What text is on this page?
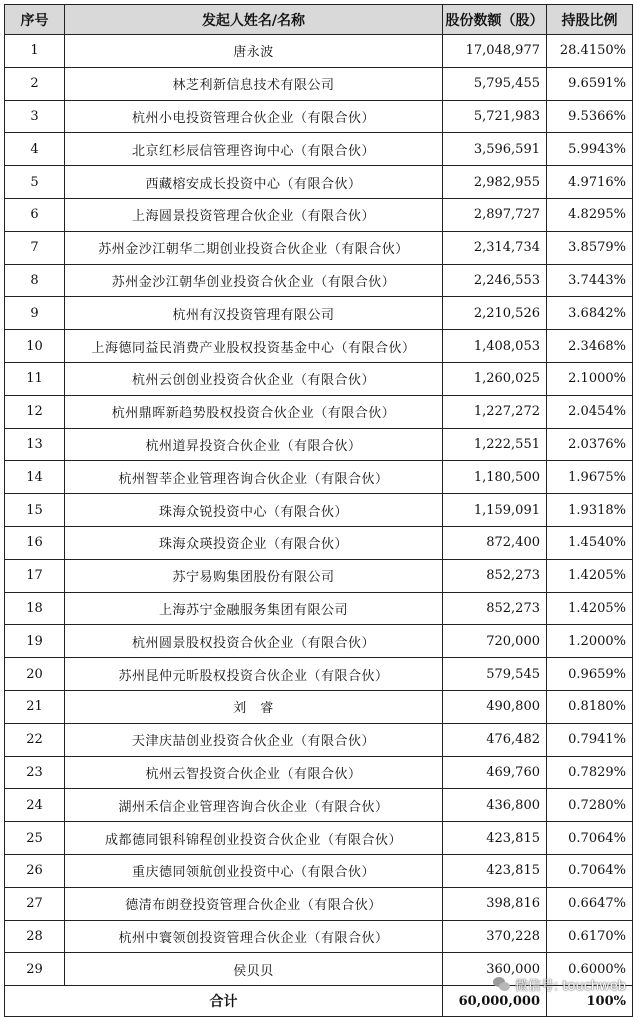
序号	发起人姓名/名称	股份数额（股）	持股比例
1	唐永波	17,048,977	28.4150%
2	林芝利新信息技术有限公司	5,795,455	9.6591%
3	杭州小电投资管理合伙企业（有限合伙）	5,721,983	9.5366%
4	北京红杉辰信管理咨询中心（有限合伙）	3,596,591	5.9943%
5	西藏榕安成长投资中心（有限合伙）	2,982,955	4.9716%
6	上海圆景投资管理合伙企业（有限合伙）	2,897,727	4.8295%
7	苏州金沙江朝华二期创业投资合伙企业（有限合伙）	2,314,734	3.8579%
8	苏州金沙江朝华创业投资合伙企业（有限合伙）	2,246,553	3.7443%
9	杭州有汉投资管理有限公司	2,210,526	3.6842%
10	上海德同益民消费产业股权投资基金中心（有限合伙）	1,408,053	2.3468%
11	杭州云创创业投资合伙企业（有限合伙）	1,260,025	2.1000%
12	杭州鼎晖新趋势股权投资合伙企业（有限合伙）	1,227,272	2.0454%
13	杭州道昇投资合伙企业（有限合伙）	1,222,551	2.0376%
14	杭州智莘企业管理咨询合伙企业（有限合伙）	1,180,500	1.9675%
15	珠海众锐投资中心（有限合伙）	1,159,091	1.9318%
16	珠海众瑛投资企业（有限合伙）	872,400	1.4540%
17	苏宁易购集团股份有限公司	852,273	1.4205%
18	上海苏宁金融服务集团有限公司	852,273	1.4205%
19	杭州圆景股权投资合伙企业（有限合伙）	720,000	1.2000%
20	苏州昆仲元昕股权投资合伙企业（有限合伙）	579,545	0.9659%
21	刘　睿	490,800	0.8180%
22	天津庆喆创业投资合伙企业（有限合伙）	476,482	0.7941%
23	杭州云智投资合伙企业（有限合伙）	469,760	0.7829%
24	湖州禾信企业管理咨询合伙企业（有限合伙）	436,800	0.7280%
25	成都德同银科锦程创业投资合伙企业（有限合伙）	423,815	0.7064%
26	重庆德同领航创业投资中心（有限合伙）	423,815	0.7064%
27	德清布朗登投资管理合伙企业（有限合伙）	398,816	0.6647%
28	杭州中寰领创投资管理合伙企业（有限合伙）	370,228	0.6170%
29	侯贝贝	360,000	0.6000%
合计		60,000,000	100%
微信号: touchweb
